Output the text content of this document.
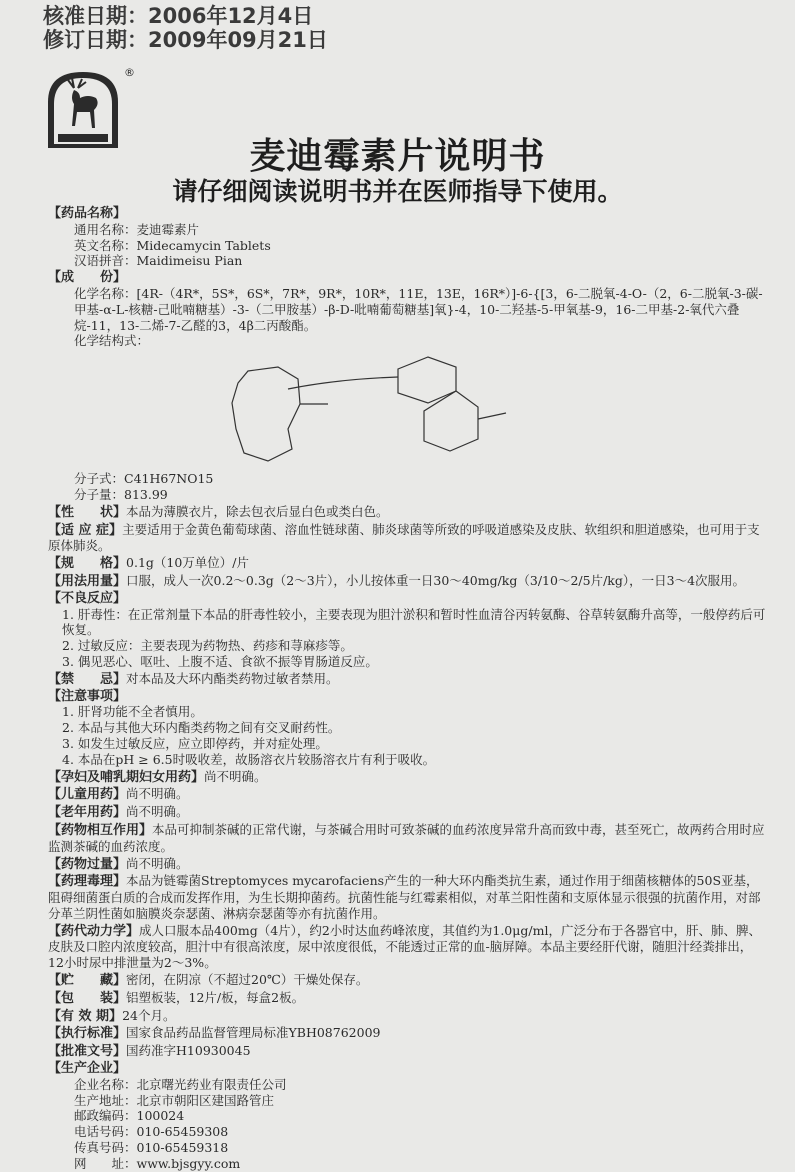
核准日期：2006年12月4日
修订日期：2009年09月21日
®
麦迪霉素片说明书
请仔细阅读说明书并在医师指导下使用。
【药品名称】
通用名称：麦迪霉素片
英文名称：Midecamycin Tablets
汉语拼音：Maidimeisu Pian
【成　　份】
化学名称：[4R-（4R*，5S*，6S*，7R*，9R*，10R*，11E，13E，16R*）]-6-{[3，6-二脱氧-4-O-（2，6-二脱氧-3-碳-甲基-α-L-核糖-己吡喃糖基）-3-（二甲胺基）-β-D-吡喃葡萄糖基]氧}-4，10-二羟基-5-甲氧基-9，16-二甲基-2-氧代六叠烷-11，13-二烯-7-乙醛的3，4β二丙酸酯。
化学结构式：
分子式：C41H67NO15
分子量：813.99

【性　　状】本品为薄膜衣片，除去包衣后显白色或类白色。

【适 应 症】主要适用于金黄色葡萄球菌、溶血性链球菌、肺炎球菌等所致的呼吸道感染及皮肤、软组织和胆道感染，也可用于支原体肺炎。

【规　　格】0.1g（10万单位）/片

【用法用量】口服，成人一次0.2～0.3g（2～3片），小儿按体重一日30～40mg/kg（3/10～2/5片/kg），一日3～4次服用。

【不良反应】
1. 肝毒性：在正常剂量下本品的肝毒性较小，主要表现为胆汁淤积和暂时性血清谷丙转氨酶、谷草转氨酶升高等，一般停药后可恢复。
2. 过敏反应：主要表现为药物热、药疹和荨麻疹等。
3. 偶见恶心、呕吐、上腹不适、食欲不振等胃肠道反应。

【禁　　忌】对本品及大环内酯类药物过敏者禁用。

【注意事项】
1. 肝肾功能不全者慎用。
2. 本品与其他大环内酯类药物之间有交叉耐药性。
3. 如发生过敏反应，应立即停药，并对症处理。
4. 本品在pH ≥ 6.5时吸收差，故肠溶衣片较肠溶衣片有利于吸收。

【孕妇及哺乳期妇女用药】尚不明确。

【儿童用药】尚不明确。

【老年用药】尚不明确。

【药物相互作用】本品可抑制茶碱的正常代谢，与茶碱合用时可致茶碱的血药浓度异常升高而致中毒，甚至死亡，故两药合用时应监测茶碱的血药浓度。

【药物过量】尚不明确。

【药理毒理】本品为链霉菌Streptomyces mycarofaciens产生的一种大环内酯类抗生素，通过作用于细菌核糖体的50S亚基，阻碍细菌蛋白质的合成而发挥作用，为生长期抑菌药。抗菌性能与红霉素相似，对革兰阳性菌和支原体显示很强的抗菌作用，对部分革兰阴性菌如脑膜炎奈瑟菌、淋病奈瑟菌等亦有抗菌作用。

【药代动力学】成人口服本品400mg（4片），约2小时达血药峰浓度，其值约为1.0μg/ml，广泛分布于各器官中，肝、肺、脾、皮肤及口腔内浓度较高，胆汁中有很高浓度，尿中浓度很低，不能透过正常的血-脑屏障。本品主要经肝代谢，随胆汁经粪排出，12小时尿中排泄量为2～3%。

【贮　　藏】密闭，在阴凉（不超过20℃）干燥处保存。

【包　　装】铝塑板装，12片/板，每盒2板。

【有 效 期】24个月。

【执行标准】国家食品药品监督管理局标准YBH08762009

【批准文号】国药准字H10930045

【生产企业】
企业名称：北京曙光药业有限责任公司
生产地址：北京市朝阳区建国路管庄
邮政编码：100024
电话号码：010-65459308
传真号码：010-65459318
网　　址：www.bjsgyy.com
